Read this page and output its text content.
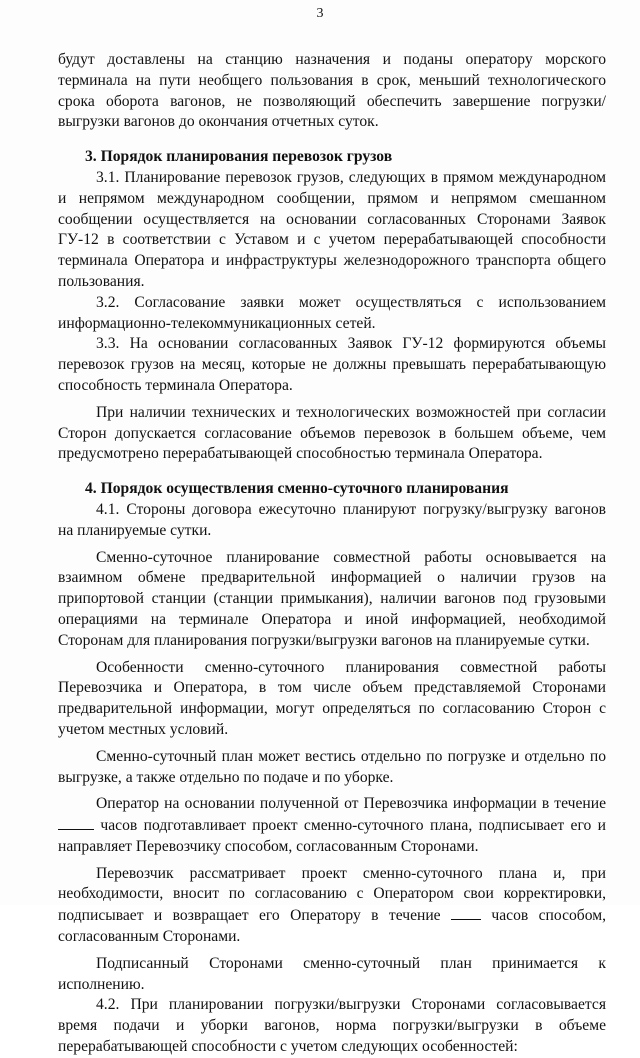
3

будут доставлены на станцию назначения и поданы оператору морского терминала на пути необщего пользования в срок, меньший технологического срока оборота вагонов, не позволяющий обеспечить завершение погрузки/выгрузки вагонов до окончания отчетных суток.

3. Порядок планирования перевозок грузов

3.1. Планирование перевозок грузов, следующих в прямом международном и непрямом международном сообщении, прямом и непрямом смешанном сообщении осуществляется на основании согласованных Сторонами Заявок ГУ-12 в соответствии с Уставом и с учетом перерабатывающей способности терминала Оператора и инфраструктуры железнодорожного транспорта общего пользования.

3.2. Согласование заявки может осуществляться с использованием информационно-телекоммуникационных сетей.

3.3. На основании согласованных Заявок ГУ-12 формируются объемы перевозок грузов на месяц, которые не должны превышать перерабатывающую способность терминала Оператора.

При наличии технических и технологических возможностей при согласии Сторон допускается согласование объемов перевозок в большем объеме, чем предусмотрено перерабатывающей способностью терминала Оператора.

4. Порядок осуществления сменно-суточного планирования

4.1. Стороны договора ежесуточно планируют погрузку/выгрузку вагонов на планируемые сутки.

Сменно-суточное планирование совместной работы основывается на взаимном обмене предварительной информацией о наличии грузов на припортовой станции (станции примыкания), наличии вагонов под грузовыми операциями на терминале Оператора и иной информацией, необходимой Сторонам для планирования погрузки/выгрузки вагонов на планируемые сутки.

Особенности сменно-суточного планирования совместной работы Перевозчика и Оператора, в том числе объем представляемой Сторонами предварительной информации, могут определяться по согласованию Сторон с учетом местных условий.

Сменно-суточный план может вестись отдельно по погрузке и отдельно по выгрузке, а также отдельно по подаче и по уборке.

Оператор на основании полученной от Перевозчика информации в течение  часов подготавливает проект сменно-суточного плана, подписывает его и направляет Перевозчику способом, согласованным Сторонами.

Перевозчик рассматривает проект сменно-суточного плана и, при необходимости, вносит по согласованию с Оператором свои корректировки, подписывает и возвращает его Оператору в течение	часов способом, согласованным Сторонами.

Подписанный Сторонами сменно-суточный план принимается к исполнению.

4.2. При планировании погрузки/выгрузки Сторонами согласовывается время подачи и уборки вагонов, норма погрузки/выгрузки в объеме перерабатывающей способности с учетом следующих особенностей:
